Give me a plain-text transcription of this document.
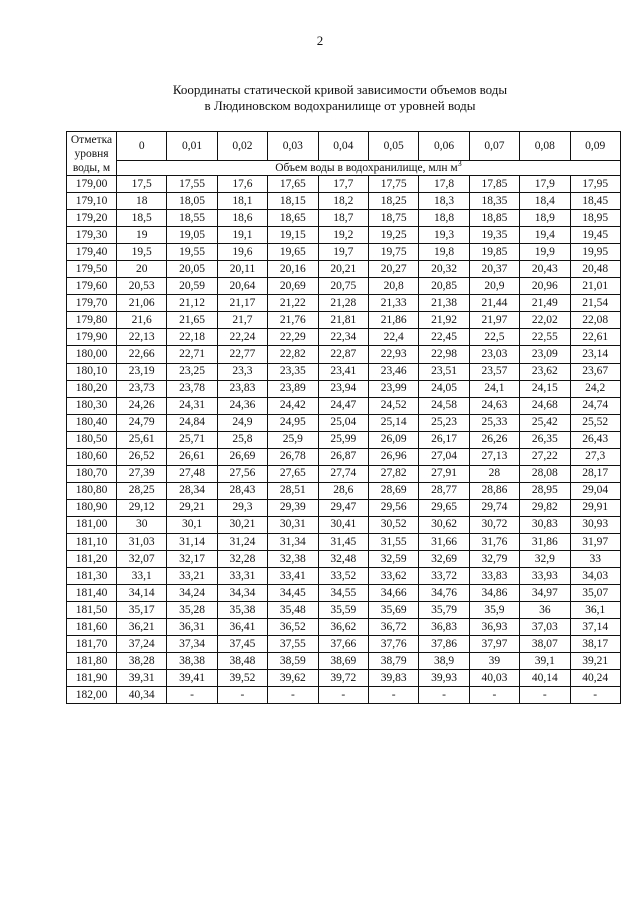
2
Координаты статической кривой зависимости объемов воды
в Людиновском водохранилище от уровней воды
Отметка уровня воды, м	0	0,01	0,02	0,03	0,04	0,05	0,06	0,07	0,08	0,09
	Объем воды в водохранилище, млн $м^3$
179,00	17,5	17,55	17,6	17,65	17,7	17,75	17,8	17,85	17,9	17,95
179,10	18	18,05	18,1	18,15	18,2	18,25	18,3	18,35	18,4	18,45
179,20	18,5	18,55	18,6	18,65	18,7	18,75	18,8	18,85	18,9	18,95
179,30	19	19,05	19,1	19,15	19,2	19,25	19,3	19,35	19,4	19,45
179,40	19,5	19,55	19,6	19,65	19,7	19,75	19,8	19,85	19,9	19,95
179,50	20	20,05	20,11	20,16	20,21	20,27	20,32	20,37	20,43	20,48
179,60	20,53	20,59	20,64	20,69	20,75	20,8	20,85	20,9	20,96	21,01
179,70	21,06	21,12	21,17	21,22	21,28	21,33	21,38	21,44	21,49	21,54
179,80	21,6	21,65	21,7	21,76	21,81	21,86	21,92	21,97	22,02	22,08
179,90	22,13	22,18	22,24	22,29	22,34	22,4	22,45	22,5	22,55	22,61
180,00	22,66	22,71	22,77	22,82	22,87	22,93	22,98	23,03	23,09	23,14
180,10	23,19	23,25	23,3	23,35	23,41	23,46	23,51	23,57	23,62	23,67
180,20	23,73	23,78	23,83	23,89	23,94	23,99	24,05	24,1	24,15	24,2
180,30	24,26	24,31	24,36	24,42	24,47	24,52	24,58	24,63	24,68	24,74
180,40	24,79	24,84	24,9	24,95	25,04	25,14	25,23	25,33	25,42	25,52
180,50	25,61	25,71	25,8	25,9	25,99	26,09	26,17	26,26	26,35	26,43
180,60	26,52	26,61	26,69	26,78	26,87	26,96	27,04	27,13	27,22	27,3
180,70	27,39	27,48	27,56	27,65	27,74	27,82	27,91	28	28,08	28,17
180,80	28,25	28,34	28,43	28,51	28,6	28,69	28,77	28,86	28,95	29,04
180,90	29,12	29,21	29,3	29,39	29,47	29,56	29,65	29,74	29,82	29,91
181,00	30	30,1	30,21	30,31	30,41	30,52	30,62	30,72	30,83	30,93
181,10	31,03	31,14	31,24	31,34	31,45	31,55	31,66	31,76	31,86	31,97
181,20	32,07	32,17	32,28	32,38	32,48	32,59	32,69	32,79	32,9	33
181,30	33,1	33,21	33,31	33,41	33,52	33,62	33,72	33,83	33,93	34,03
181,40	34,14	34,24	34,34	34,45	34,55	34,66	34,76	34,86	34,97	35,07
181,50	35,17	35,28	35,38	35,48	35,59	35,69	35,79	35,9	36	36,1
181,60	36,21	36,31	36,41	36,52	36,62	36,72	36,83	36,93	37,03	37,14
181,70	37,24	37,34	37,45	37,55	37,66	37,76	37,86	37,97	38,07	38,17
181,80	38,28	38,38	38,48	38,59	38,69	38,79	38,9	39	39,1	39,21
181,90	39,31	39,41	39,52	39,62	39,72	39,83	39,93	40,03	40,14	40,24
182,00	40,34	-	-	-	-	-	-	-	-	-
